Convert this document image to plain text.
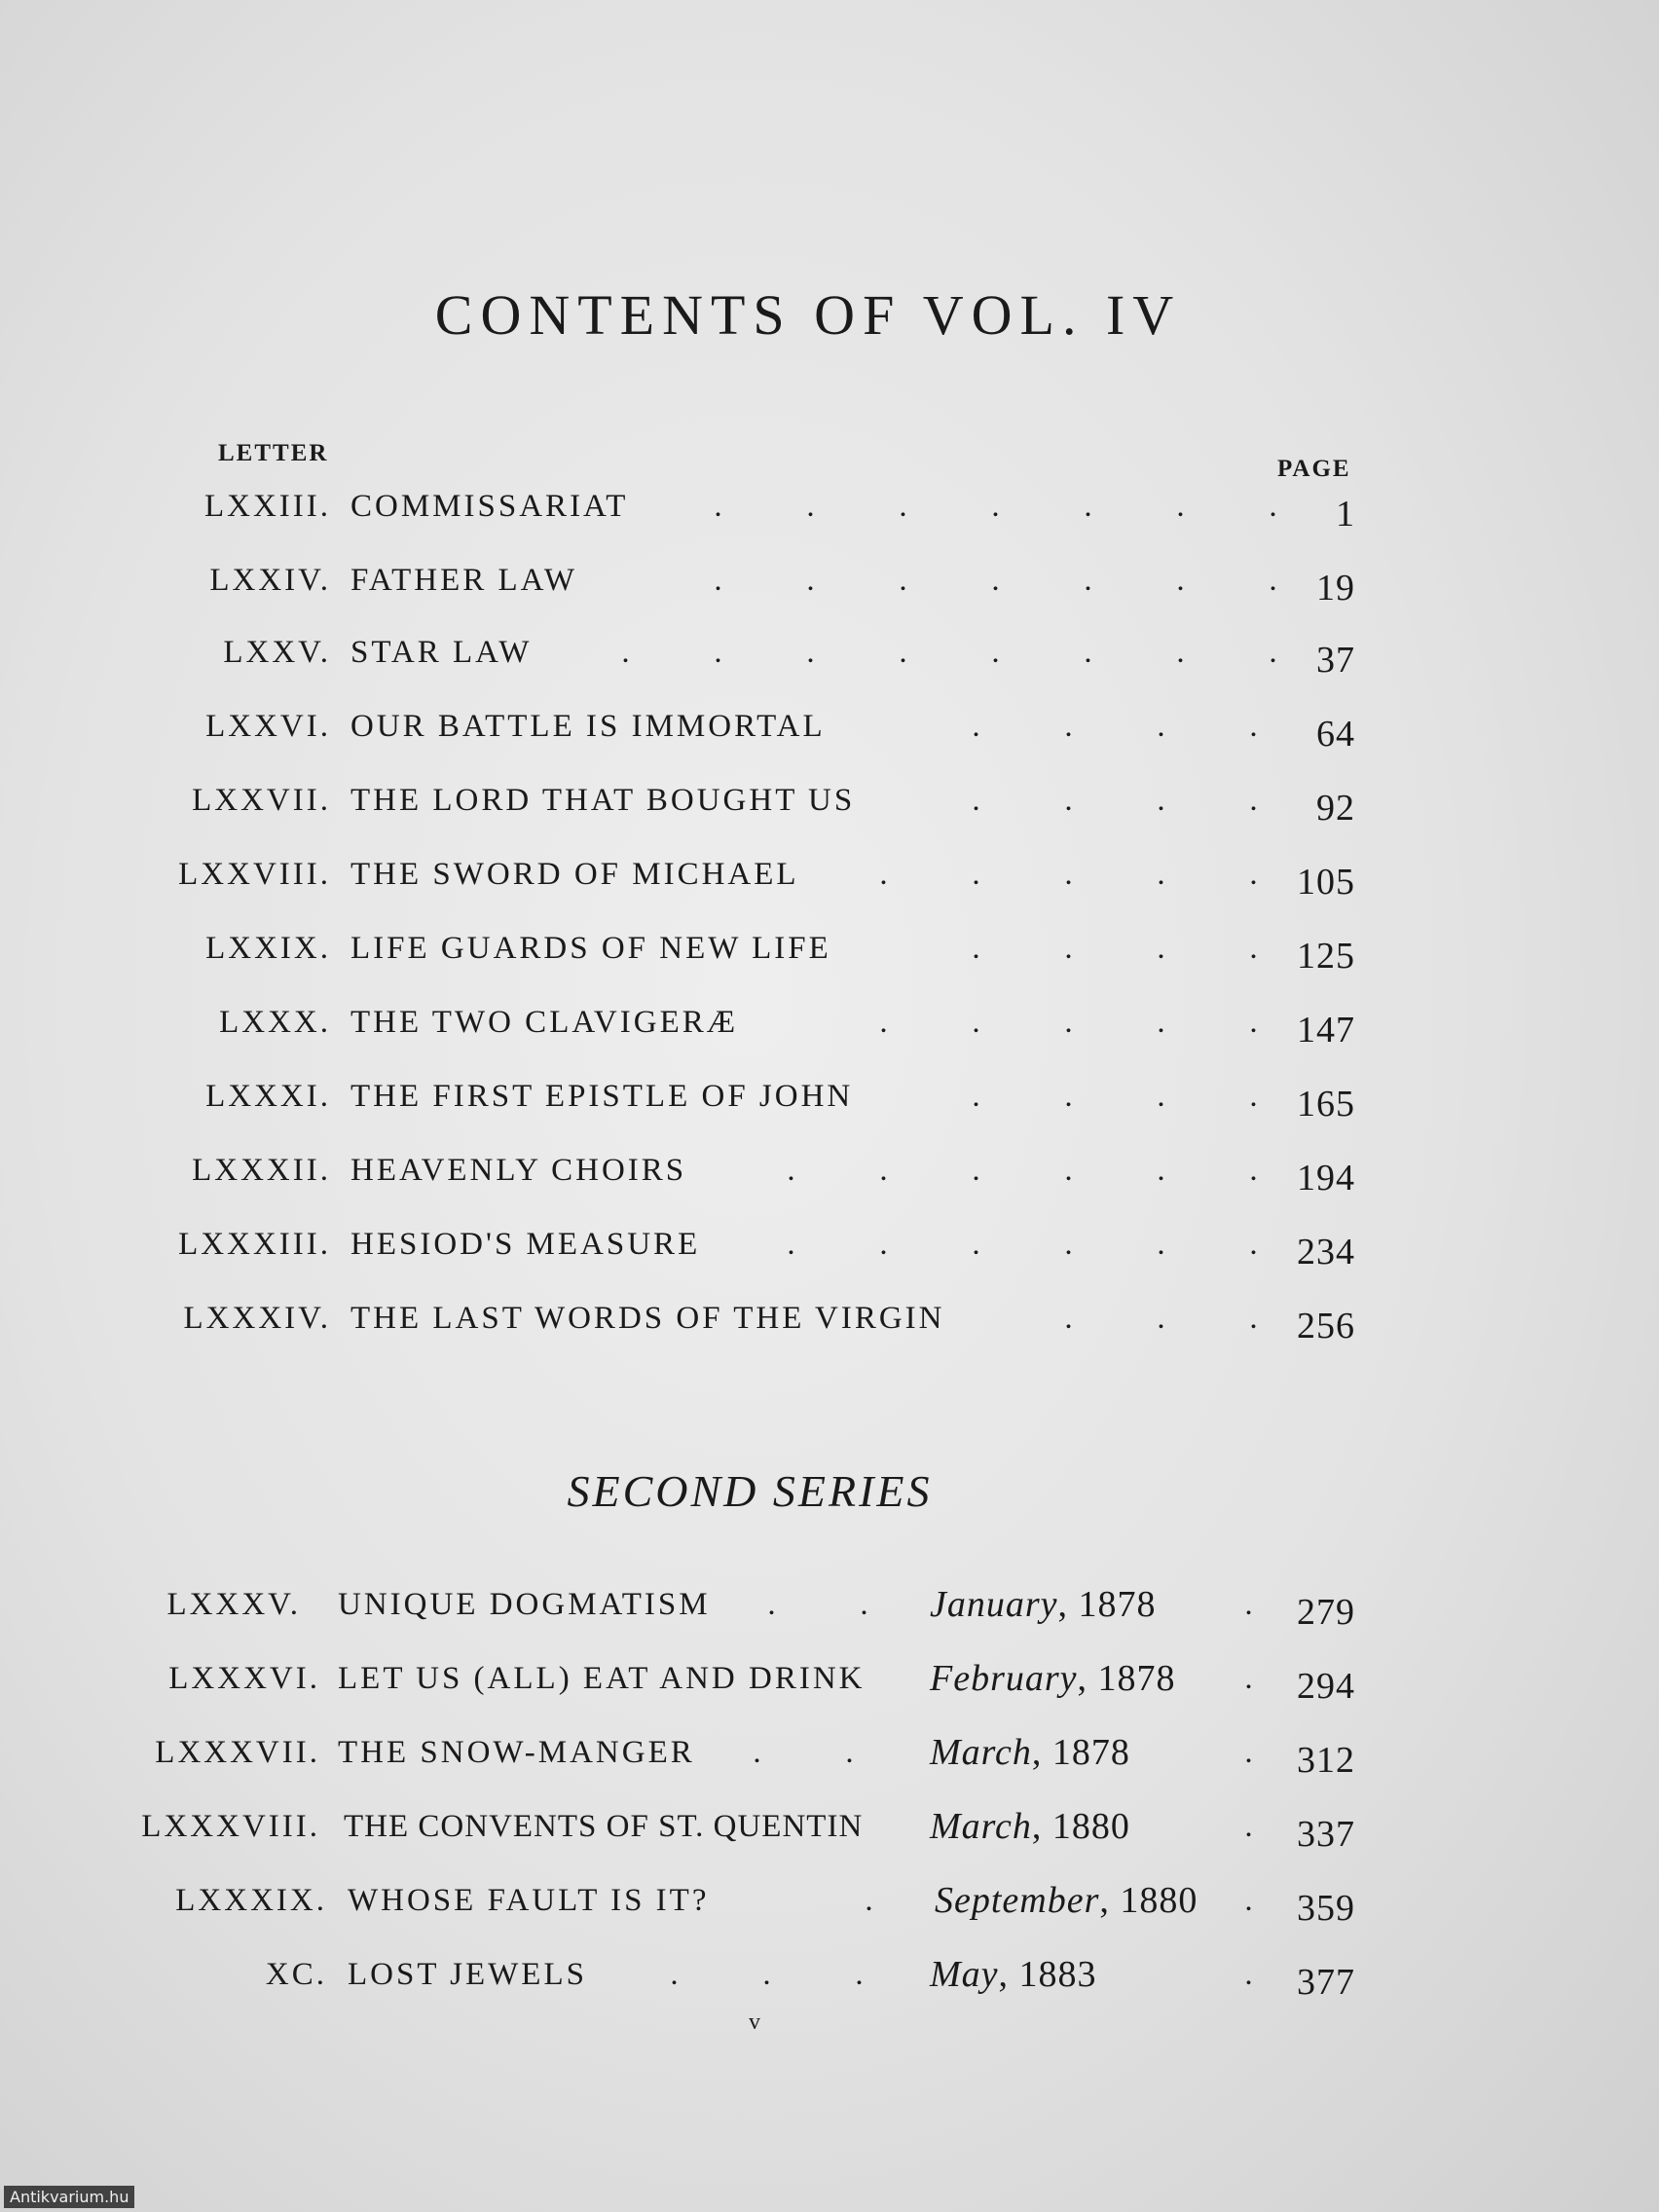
CONTENTS OF VOL. IV
LETTER
PAGE
LXXIII. COMMISSARIAT	.	.	.	.	.	.	.	1
LXXIV. FATHER LAW	.	.	.	.	.	.	.	19
LXXV. STAR LAW	.	.	.	.	.	.	.	.	37
LXXVI. OUR BATTLE IS IMMORTAL	.	.	.	.	64
LXXVII. THE LORD THAT BOUGHT US	.	.	.	.	92
LXXVIII. THE SWORD OF MICHAEL	.	.	.	.	.	105
LXXIX. LIFE GUARDS OF NEW LIFE	.	.	.	.	125
LXXX. THE TWO CLAVIGERÆ	.	.	.	.	.	147
LXXXI. THE FIRST EPISTLE OF JOHN	.	.	.	.	165
LXXXII. HEAVENLY CHOIRS	.	.	.	.	.	.	194
LXXXIII. HESIOD'S MEASURE	.	.	.	.	.	.	234
LXXXIV. THE LAST WORDS OF THE VIRGIN	.	.	.	256
SECOND SERIES
LXXXV. UNIQUE DOGMATISM	.	.	January, 1878	.	279
LXXXVI. LET US (ALL) EAT AND DRINK February, 1878	.	294
LXXXVII. THE SNOW-MANGER	.	.	March, 1878	.	312
LXXXVIII. THE CONVENTS OF ST. QUENTIN March, 1880	.	337
LXXXIX. WHOSE FAULT IS IT?	.	September, 1880	.	359
XC. LOST JEWELS	.	.	.	May, 1883	.	377
v
Antikvarium.hu
